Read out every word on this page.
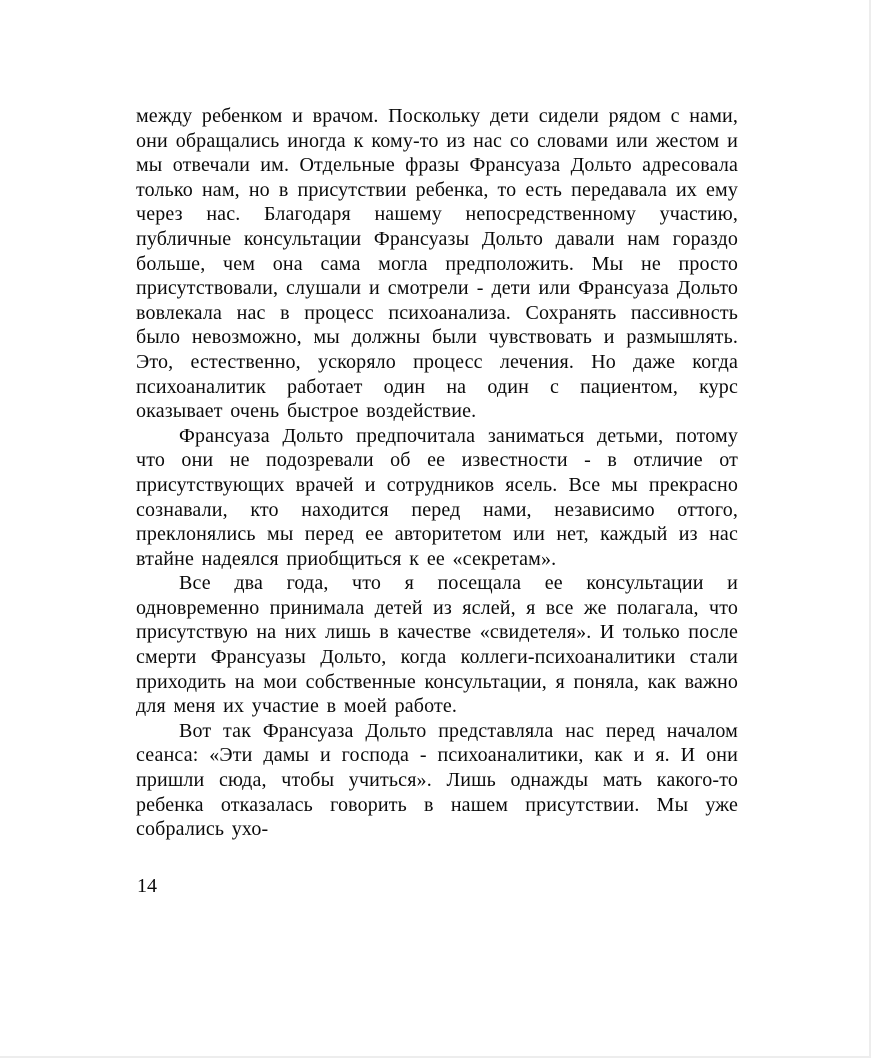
между ребенком и врачом. Поскольку дети сидели рядом с нами, они обращались иногда к кому-то из нас со словами или жестом и мы отвечали им. Отдельные фразы Франсуаза Дольто адресовала только нам, но в присутствии ребенка, то есть передавала их ему через нас. Благодаря нашему непосредственному участию, публичные консультации Франсуазы Дольто давали нам гораздо больше, чем она сама могла предположить. Мы не просто присутствовали, слушали и смотрели - дети или Франсуаза Дольто вовлекала нас в процесс психоанализа. Сохранять пассивность было невозможно, мы должны были чувствовать и размышлять. Это, естественно, ускоряло процесс лечения. Но даже когда психоаналитик работает один на один с пациентом, курс оказывает очень быстрое воздействие.

Франсуаза Дольто предпочитала заниматься детьми, потому что они не подозревали об ее известности - в отличие от присутствующих врачей и сотрудников ясель. Все мы прекрасно сознавали, кто находится перед нами, независимо оттого, преклонялись мы перед ее авторитетом или нет, каждый из нас втайне надеялся приобщиться к ее «секретам».

Все два года, что я посещала ее консультации и одновременно принимала детей из яслей, я все же полагала, что присутствую на них лишь в качестве «свидетеля». И только после смерти Франсуазы Дольто, когда коллеги-психоаналитики стали приходить на мои собственные консультации, я поняла, как важно для меня их участие в моей работе.

Вот так Франсуаза Дольто представляла нас перед началом сеанса: «Эти дамы и господа - психоаналитики, как и я. И они пришли сюда, чтобы учиться». Лишь однажды мать какого-то ребенка отказалась говорить в нашем присутствии. Мы уже собрались ухо-

14
